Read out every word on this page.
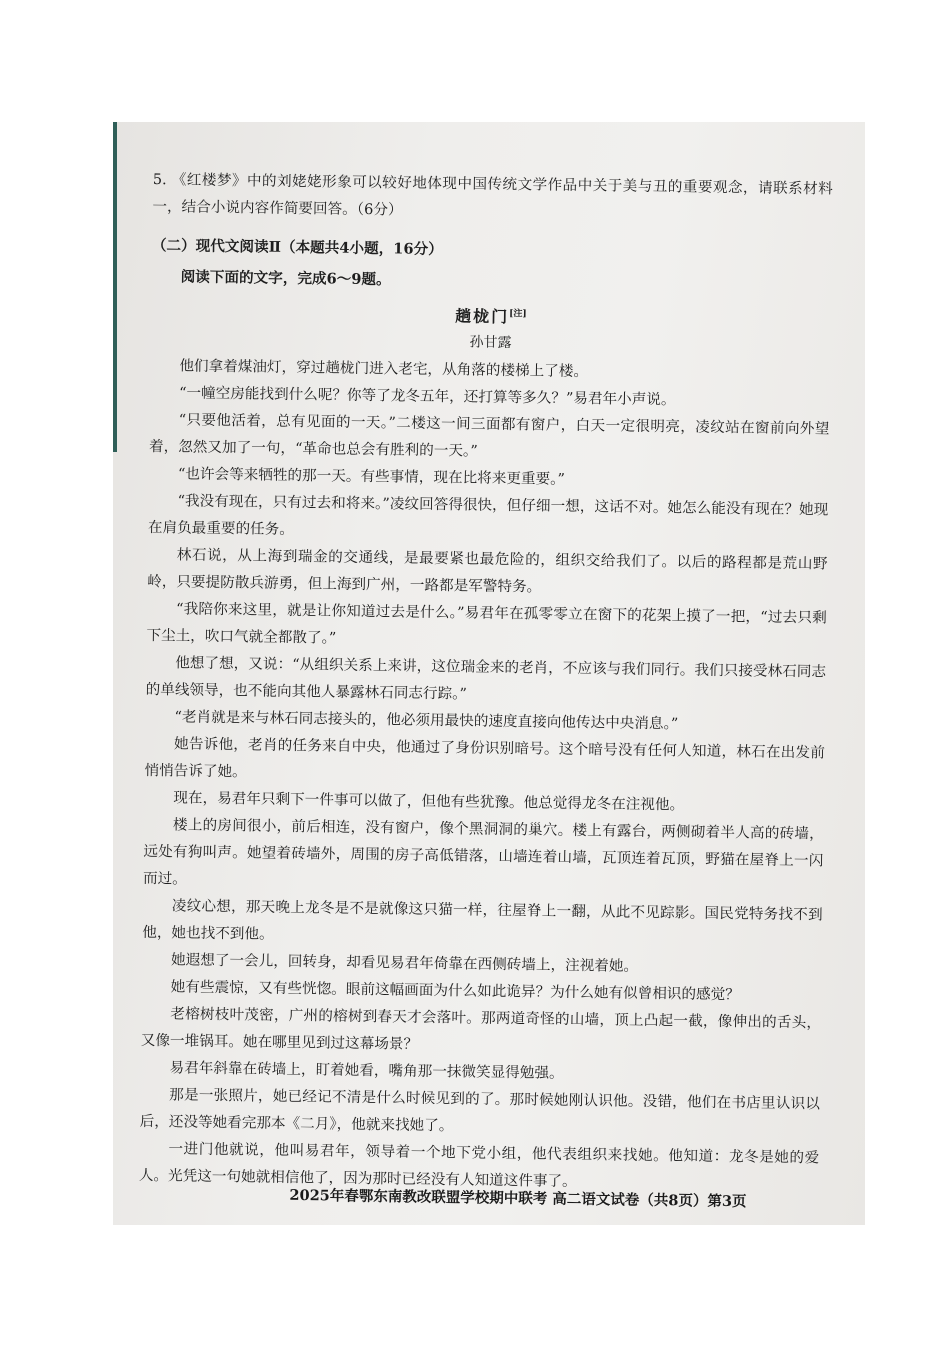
5. 《红楼梦》中的刘姥姥形象可以较好地体现中国传统文学作品中关于美与丑的重要观念，请联系材料一，结合小说内容作简要回答。（6分）

（二）现代文阅读Ⅱ（本题共4小题，16分）

阅读下面的文字，完成6～9题。

趟栊门[注]

孙甘露

他们拿着煤油灯，穿过趟栊门进入老宅，从角落的楼梯上了楼。

“一幢空房能找到什么呢？你等了龙冬五年，还打算等多久？”易君年小声说。

“只要他活着，总有见面的一天。”二楼这一间三面都有窗户，白天一定很明亮，凌纹站在窗前向外望着，忽然又加了一句，“革命也总会有胜利的一天。”

“也许会等来牺牲的那一天。有些事情，现在比将来更重要。”

“我没有现在，只有过去和将来。”凌纹回答得很快，但仔细一想，这话不对。她怎么能没有现在？她现在肩负最重要的任务。

林石说，从上海到瑞金的交通线，是最要紧也最危险的，组织交给我们了。以后的路程都是荒山野岭，只要提防散兵游勇，但上海到广州，一路都是军警特务。

“我陪你来这里，就是让你知道过去是什么。”易君年在孤零零立在窗下的花架上摸了一把，“过去只剩下尘土，吹口气就全都散了。”

他想了想，又说：“从组织关系上来讲，这位瑞金来的老肖，不应该与我们同行。我们只接受林石同志的单线领导，也不能向其他人暴露林石同志行踪。”

“老肖就是来与林石同志接头的，他必须用最快的速度直接向他传达中央消息。”

她告诉他，老肖的任务来自中央，他通过了身份识别暗号。这个暗号没有任何人知道，林石在出发前悄悄告诉了她。

现在，易君年只剩下一件事可以做了，但他有些犹豫。他总觉得龙冬在注视他。

楼上的房间很小，前后相连，没有窗户，像个黑洞洞的巢穴。楼上有露台，两侧砌着半人高的砖墙，远处有狗叫声。她望着砖墙外，周围的房子高低错落，山墙连着山墙，瓦顶连着瓦顶，野猫在屋脊上一闪而过。

凌纹心想，那天晚上龙冬是不是就像这只猫一样，往屋脊上一翻，从此不见踪影。国民党特务找不到他，她也找不到他。

她遐想了一会儿，回转身，却看见易君年倚靠在西侧砖墙上，注视着她。

她有些震惊，又有些恍惚。眼前这幅画面为什么如此诡异？为什么她有似曾相识的感觉？

老榕树枝叶茂密，广州的榕树到春天才会落叶。那两道奇怪的山墙，顶上凸起一截，像伸出的舌头，又像一堆锅耳。她在哪里见到过这幕场景？

易君年斜靠在砖墙上，盯着她看，嘴角那一抹微笑显得勉强。

那是一张照片，她已经记不清是什么时候见到的了。那时候她刚认识他。没错，他们在书店里认识以后，还没等她看完那本《二月》，他就来找她了。

一进门他就说，他叫易君年，领导着一个地下党小组，他代表组织来找她。他知道：龙冬是她的爱人。光凭这一句她就相信他了，因为那时已经没有人知道这件事了。

2025年春鄂东南教改联盟学校期中联考 高二语文试卷（共8页）第3页
